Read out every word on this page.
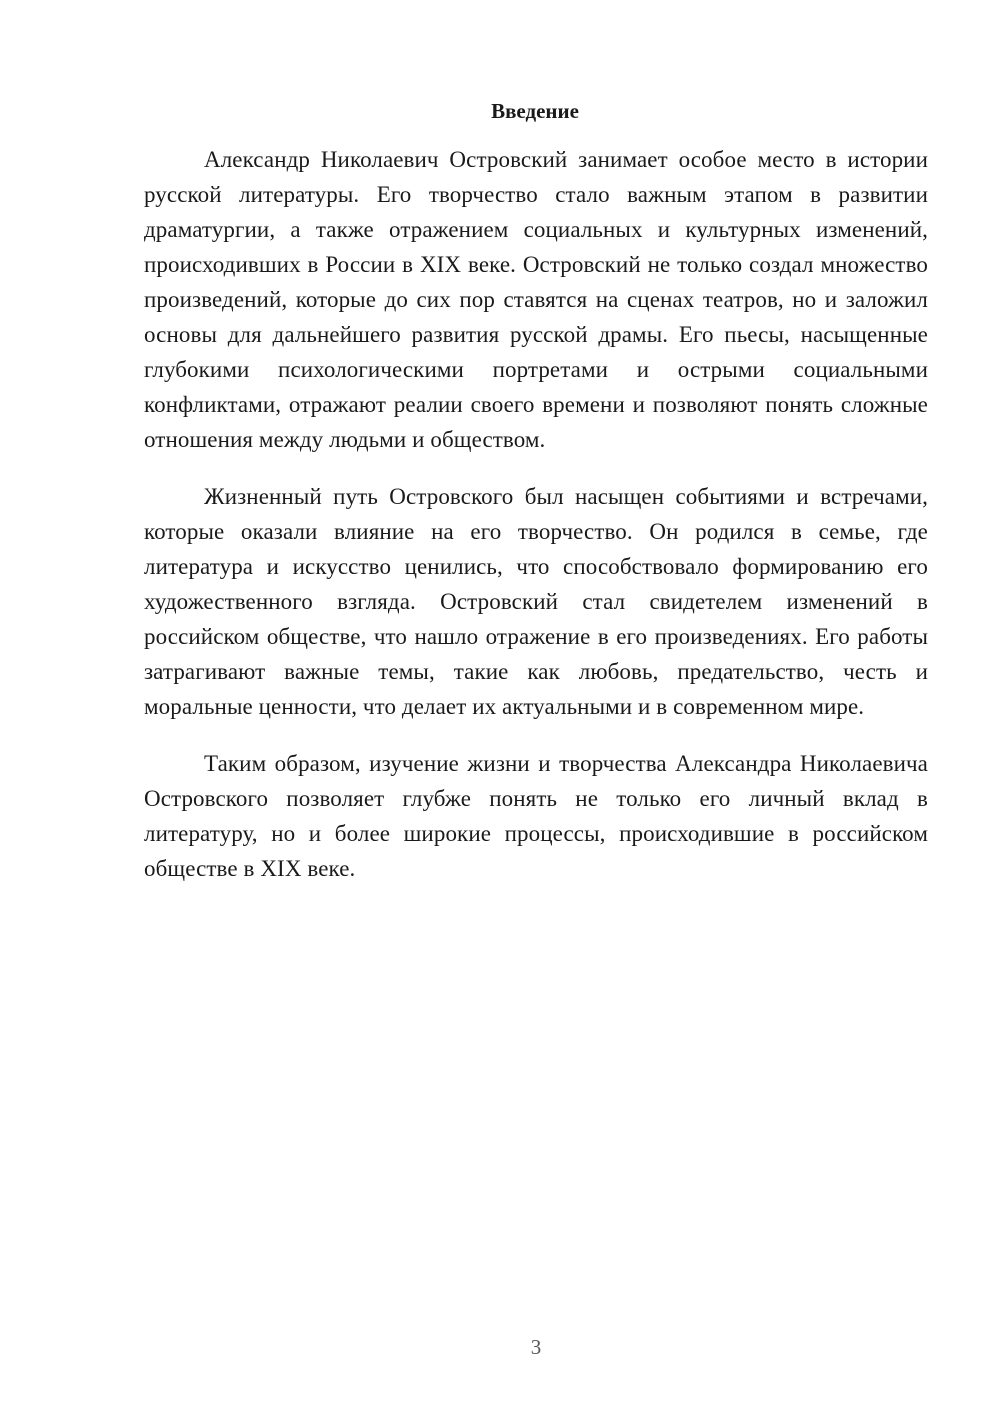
Введение

Александр Николаевич Островский занимает особое место в истории русской литературы. Его творчество стало важным этапом в развитии драматургии, а также отражением социальных и культурных изменений, происходивших в России в XIX веке. Островский не только создал множество произведений, которые до сих пор ставятся на сценах театров, но и заложил основы для дальнейшего развития русской драмы. Его пьесы, насыщенные глубокими психологическими портретами и острыми социальными конфликтами, отражают реалии своего времени и позволяют понять сложные отношения между людьми и обществом.

Жизненный путь Островского был насыщен событиями и встречами, которые оказали влияние на его творчество. Он родился в семье, где литература и искусство ценились, что способствовало формированию его художественного взгляда. Островский стал свидетелем изменений в российском обществе, что нашло отражение в его произведениях. Его работы затрагивают важные темы, такие как любовь, предательство, честь и моральные ценности, что делает их актуальными и в современном мире.

Таким образом, изучение жизни и творчества Александра Николаевича Островского позволяет глубже понять не только его личный вклад в литературу, но и более широкие процессы, происходившие в российском обществе в XIX веке.

3
